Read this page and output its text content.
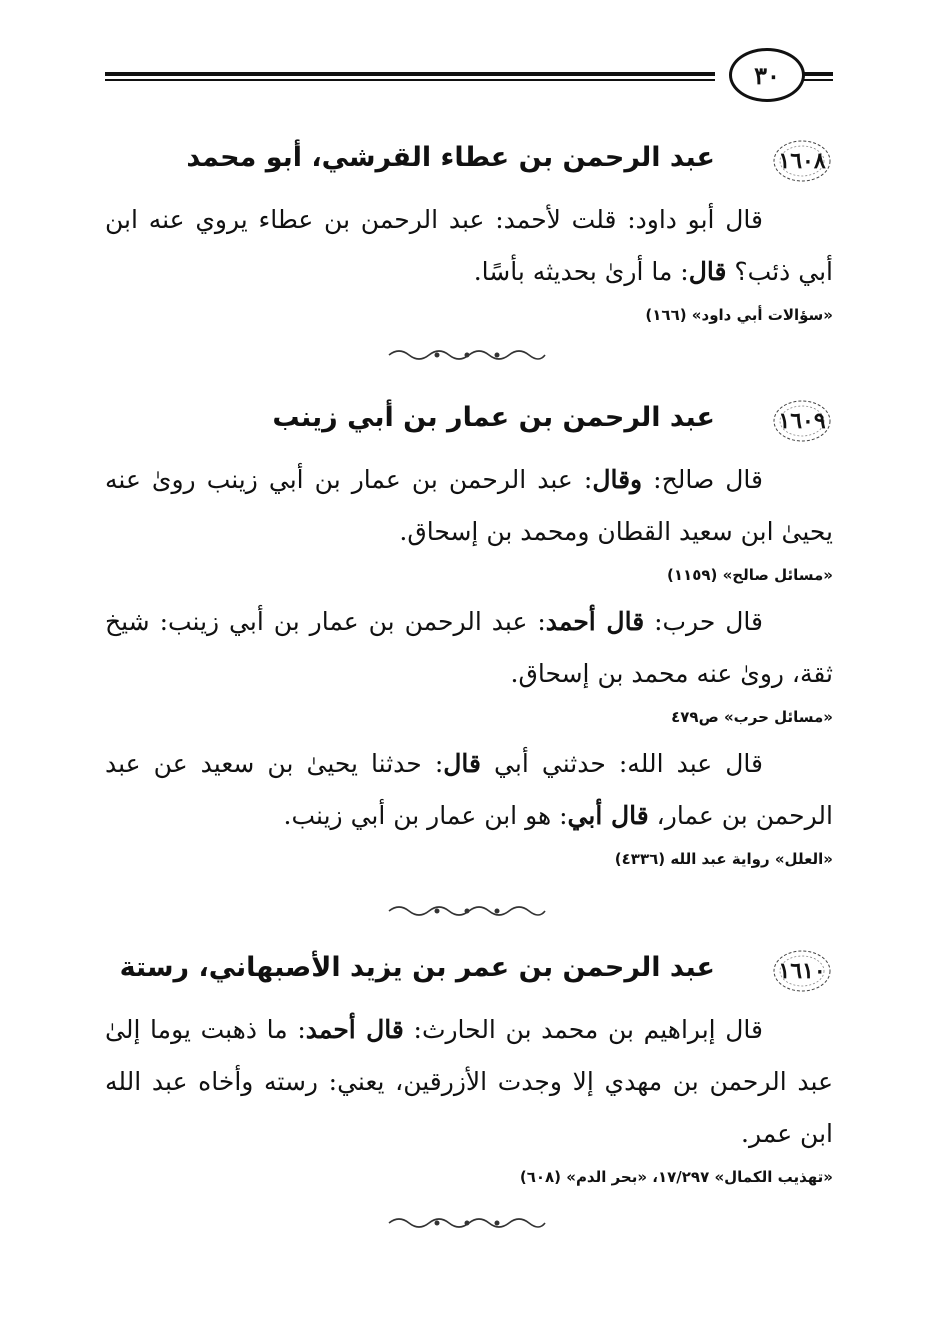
٣٠
١٦٠٨
عبد الرحمن بن عطاء القرشي، أبو محمد

قال أبو داود: قلت لأحمد: عبد الرحمن بن عطاء يروي عنه ابن أبي ذئب؟ قال: ما أرىٰ بحديثه بأسًا.

«سؤالات أبي داود» (١٦٦)
١٦٠٩
عبد الرحمن بن عمار بن أبي زينب

قال صالح: وقال: عبد الرحمن بن عمار بن أبي زينب روىٰ عنه يحيىٰ ابن سعيد القطان ومحمد بن إسحاق.

«مسائل صالح» (١١٥٩)

قال حرب: قال أحمد: عبد الرحمن بن عمار بن أبي زينب: شيخ ثقة، روىٰ عنه محمد بن إسحاق.

«مسائل حرب» ص٤٧٩

قال عبد الله: حدثني أبي قال: حدثنا يحيىٰ بن سعيد عن عبد الرحمن بن عمار، قال أبي: هو ابن عمار بن أبي زينب.

«العلل» رواية عبد الله (٤٣٣٦)
١٦١٠
عبد الرحمن بن عمر بن يزيد الأصبهاني، رستة

قال إبراهيم بن محمد بن الحارث: قال أحمد: ما ذهبت يوما إلىٰ عبد الرحمن بن مهدي إلا وجدت الأزرقين، يعني: رسته وأخاه عبد الله ابن عمر.

«تهذيب الكمال» ١٧/٢٩٧، «بحر الدم» (٦٠٨)
